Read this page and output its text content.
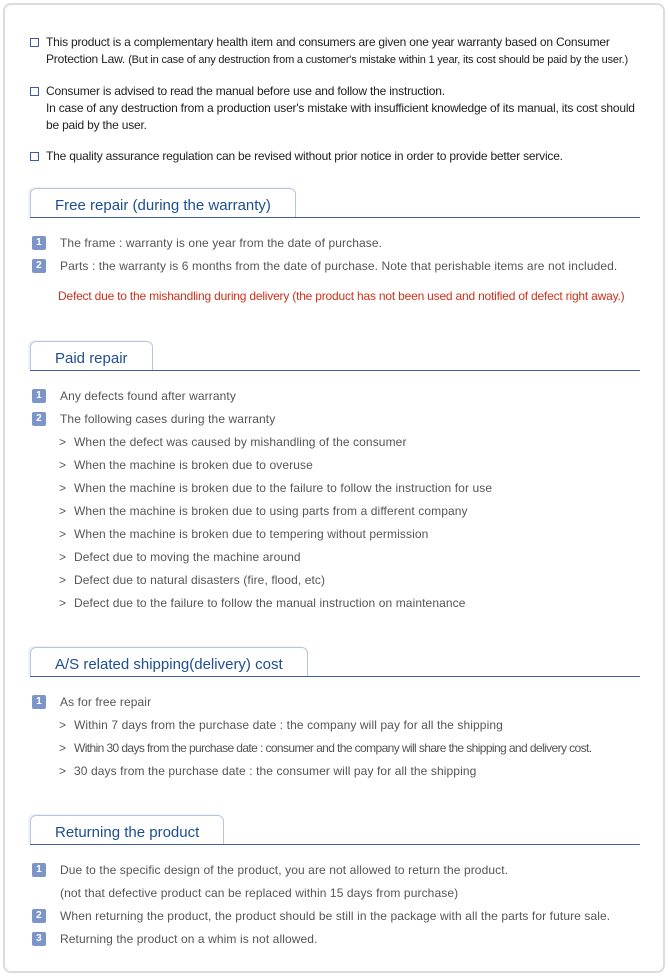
This product is a complementary health item and consumers are given one year warranty based on Consumer Protection Law. (But in case of any destruction from a customer's mistake within 1 year, its cost should be paid by the user.)
Consumer is advised to read the manual before use and follow the instruction.
In case of any destruction from a production user's mistake with insufficient knowledge of its manual, its cost should be paid by the user.
The quality assurance regulation can be revised without prior notice in order to provide better service.
Free repair (during the warranty)
1	The frame : warranty is one year from the date of purchase.
2	Parts : the warranty is 6 months from the date of purchase. Note that perishable items are not included.
Defect due to the mishandling during delivery (the product has not been used and notified of defect right away.)
Paid repair
1	Any defects found after warranty
2	The following cases during the warranty
> When the defect was caused by mishandling of the consumer
> When the machine is broken due to overuse
> When the machine is broken due to the failure to follow the instruction for use
> When the machine is broken due to using parts from a different company
> When the machine is broken due to tempering without permission
> Defect due to moving the machine around
> Defect due to natural disasters (fire, flood, etc)
> Defect due to the failure to follow the manual instruction on maintenance
A/S related shipping(delivery) cost
1	As for free repair
> Within 7 days from the purchase date : the company will pay for all the shipping
> Within 30 days from the purchase date : consumer and the company will share the shipping and delivery cost.
> 30 days from the purchase date : the consumer will pay for all the shipping
Returning the product
1	Due to the specific design of the product, you are not allowed to return the product.
(not that defective product can be replaced within 15 days from purchase)
2	When returning the product, the product should be still in the package with all the parts for future sale.
3	Returning the product on a whim is not allowed.
